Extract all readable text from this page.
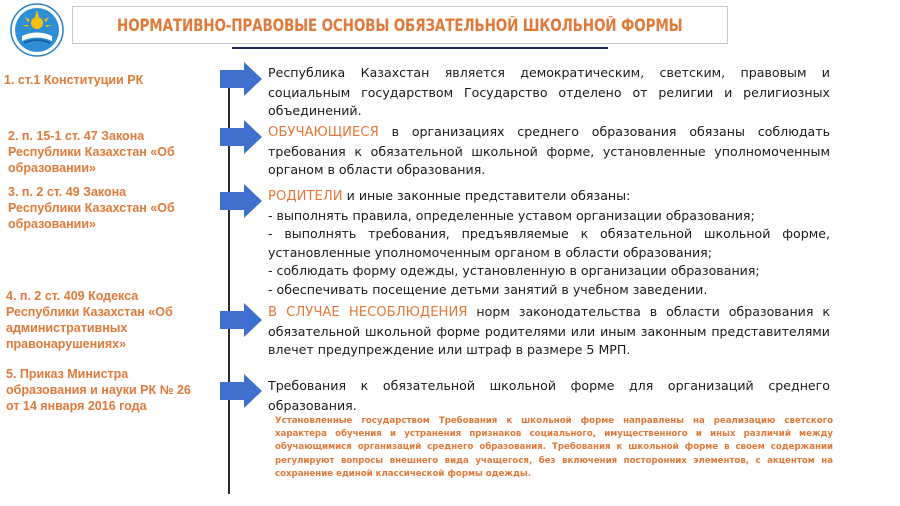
НОРМАТИВНО-ПРАВОВЫЕ ОСНОВЫ ОБЯЗАТЕЛЬНОЙ ШКОЛЬНОЙ ФОРМЫ
1. ст.1 Конституции РК
2. п. 15-1 ст. 47 Закона Республики Казахстан «Об образовании»
3. п. 2 ст. 49 Закона Республики Казахстан «Об образовании»
4. п. 2 ст. 409 Кодекса Республики Казахстан «Об административных правонарушениях»
5. Приказ Министра образования и науки РК № 26 от 14 января 2016 года
Республика Казахстан является демократическим, светским, правовым и социальным государством Государство отделено от религии и религиозных объединений.
ОБУЧАЮЩИЕСЯ в организациях среднего образования обязаны соблюдать требования к обязательной школьной форме, установленные уполномоченным органом в области образования.
РОДИТЕЛИ и иные законные представители обязаны:
- выполнять правила, определенные уставом организации образования;
- выполнять требования, предъявляемые к обязательной школьной форме, установленные уполномоченным органом в области образования;
- соблюдать форму одежды, установленную в организации образования;
- обеспечивать посещение детьми занятий в учебном заведении.
В СЛУЧАЕ НЕСОБЛЮДЕНИЯ норм законодательства в области образования к обязательной школьной форме родителями или иным законным представителями влечет предупреждение или штраф в размере 5 МРП.
Требования к обязательной школьной форме для организаций среднего образования.
Установленные государством Требования к школьной форме направлены на реализацию светского характера обучения и устранения признаков социального, имущественного и иных различий между обучающимися организаций среднего образования. Требования к школьной форме в своем содержании регулируют вопросы внешнего вида учащегося, без включения посторонних элементов, с акцентом на сохранение единой классической формы одежды.
